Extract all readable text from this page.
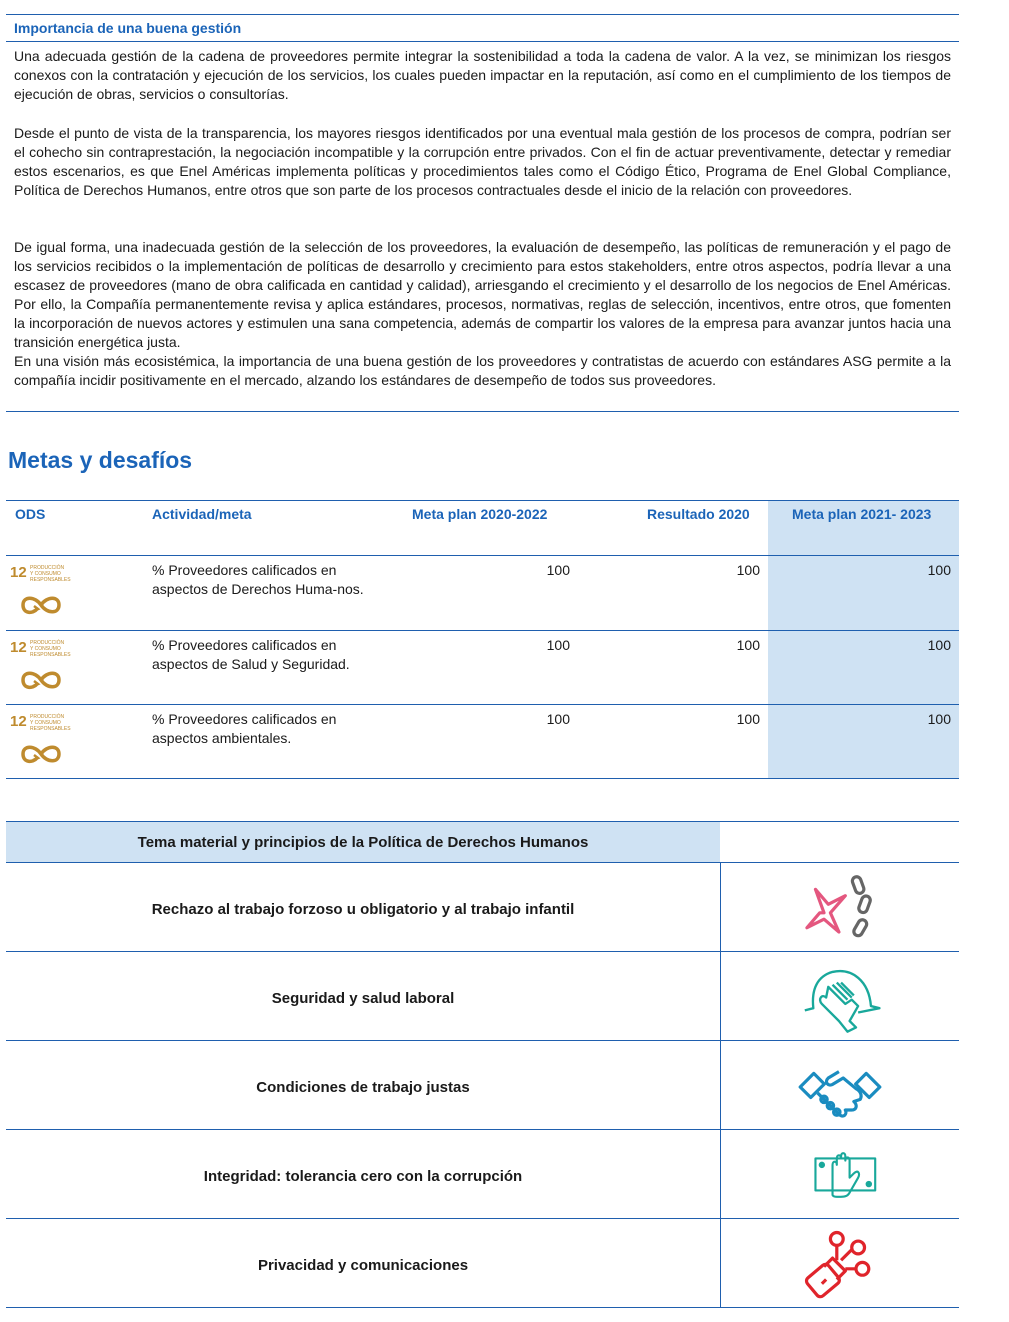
Importancia de una buena gestión
Una adecuada gestión de la cadena de proveedores permite integrar la sostenibilidad a toda la cadena de valor. A la vez, se minimizan los riesgos conexos con la contratación y ejecución de los servicios, los cuales pueden impactar en la reputación, así como en el cumplimiento de los tiempos de ejecución de obras, servicios o consultorías.
Desde el punto de vista de la transparencia, los mayores riesgos identificados por una eventual mala gestión de los procesos de compra, podrían ser el cohecho sin contraprestación, la negociación incompatible y la corrupción entre privados. Con el fin de actuar preventivamente, detectar y remediar estos escenarios, es que Enel Américas implementa políticas y procedimientos tales como el Código Ético, Programa de Enel Global Compliance, Política de Derechos Humanos, entre otros que son parte de los procesos contractuales desde el inicio de la relación con proveedores.
De igual forma, una inadecuada gestión de la selección de los proveedores, la evaluación de desempeño, las políticas de remuneración y el pago de los servicios recibidos o la implementación de políticas de desarrollo y crecimiento para estos stakeholders, entre otros aspectos, podría llevar a una escasez de proveedores (mano de obra calificada en cantidad y calidad), arriesgando el crecimiento y el desarrollo de los negocios de Enel Américas. Por ello, la Compañía permanentemente revisa y aplica estándares, procesos, normativas, reglas de selección, incentivos, entre otros, que fomenten la incorporación de nuevos actores y estimulen una sana competencia, además de compartir los valores de la empresa para avanzar juntos hacia una transición energética justa.
En una visión más ecosistémica, la importancia de una buena gestión de los proveedores y contratistas de acuerdo con estándares ASG permite a la compañía incidir positivamente en el mercado, alzando los estándares de desempeño de todos sus proveedores.
Metas y desafíos
ODS	Actividad/meta	Meta plan 2020-2022	Resultado 2020	Meta plan 2021- 2023
12 PRODUCCIÓN
Y CONSUMO
RESPONSABLES
% Proveedores calificados en aspectos de Derechos Huma-nos.
100	100	100
12 PRODUCCIÓN
Y CONSUMO
RESPONSABLES
% Proveedores calificados en aspectos de Salud y Seguridad.
100	100	100
12 PRODUCCIÓN
Y CONSUMO
RESPONSABLES
% Proveedores calificados en aspectos ambientales.
100	100	100
Tema material y principios de la Política de Derechos Humanos
Rechazo al trabajo forzoso u obligatorio y al trabajo infantil
Seguridad y salud laboral
Condiciones de trabajo justas
Integridad: tolerancia cero con la corrupción
Privacidad y comunicaciones
